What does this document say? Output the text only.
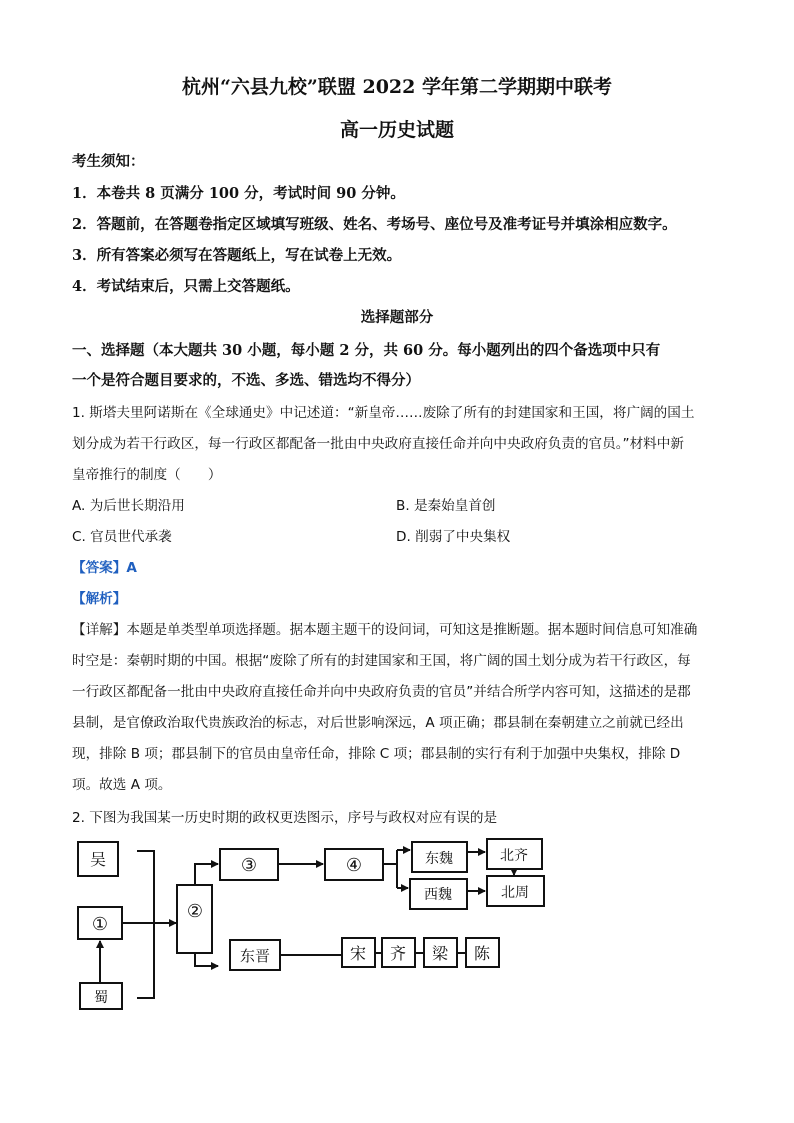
杭州“六县九校”联盟 2022 学年第二学期期中联考
高一历史试题
考生须知：
1．本卷共 8 页满分 100 分，考试时间 90 分钟。
2．答题前，在答题卷指定区域填写班级、姓名、考场号、座位号及准考证号并填涂相应数字。
3．所有答案必须写在答题纸上，写在试卷上无效。
4．考试结束后，只需上交答题纸。
选择题部分
一、选择题（本大题共 30 小题，每小题 2 分，共 60 分。每小题列出的四个备选项中只有
一个是符合题目要求的，不选、多选、错选均不得分）
1. 斯塔夫里阿诺斯在《全球通史》中记述道：“新皇帝……废除了所有的封建国家和王国，将广阔的国土
划分成为若干行政区，每一行政区都配备一批由中央政府直接任命并向中央政府负责的官员。”材料中新
皇帝推行的制度（　　）
A. 为后世长期沿用	B. 是秦始皇首创
C. 官员世代承袭	D. 削弱了中央集权
【答案】A
【解析】
【详解】本题是单类型单项选择题。据本题主题干的设问词，可知这是推断题。据本题时间信息可知准确
时空是：秦朝时期的中国。根据“废除了所有的封建国家和王国，将广阔的国土划分成为若干行政区，每
一行政区都配备一批由中央政府直接任命并向中央政府负责的官员”并结合所学内容可知，这描述的是郡
县制，是官僚政治取代贵族政治的标志，对后世影响深远，A 项正确；郡县制在秦朝建立之前就已经出
现，排除 B 项；郡县制下的官员由皇帝任命，排除 C 项；郡县制的实行有利于加强中央集权，排除 D
项。故选 A 项。
2. 下图为我国某一历史时期的政权更迭图示，序号与政权对应有误的是
吴
①
蜀
②
③	④	东魏
西魏
北齐
北周
东晋	宋 齐 梁 陈
